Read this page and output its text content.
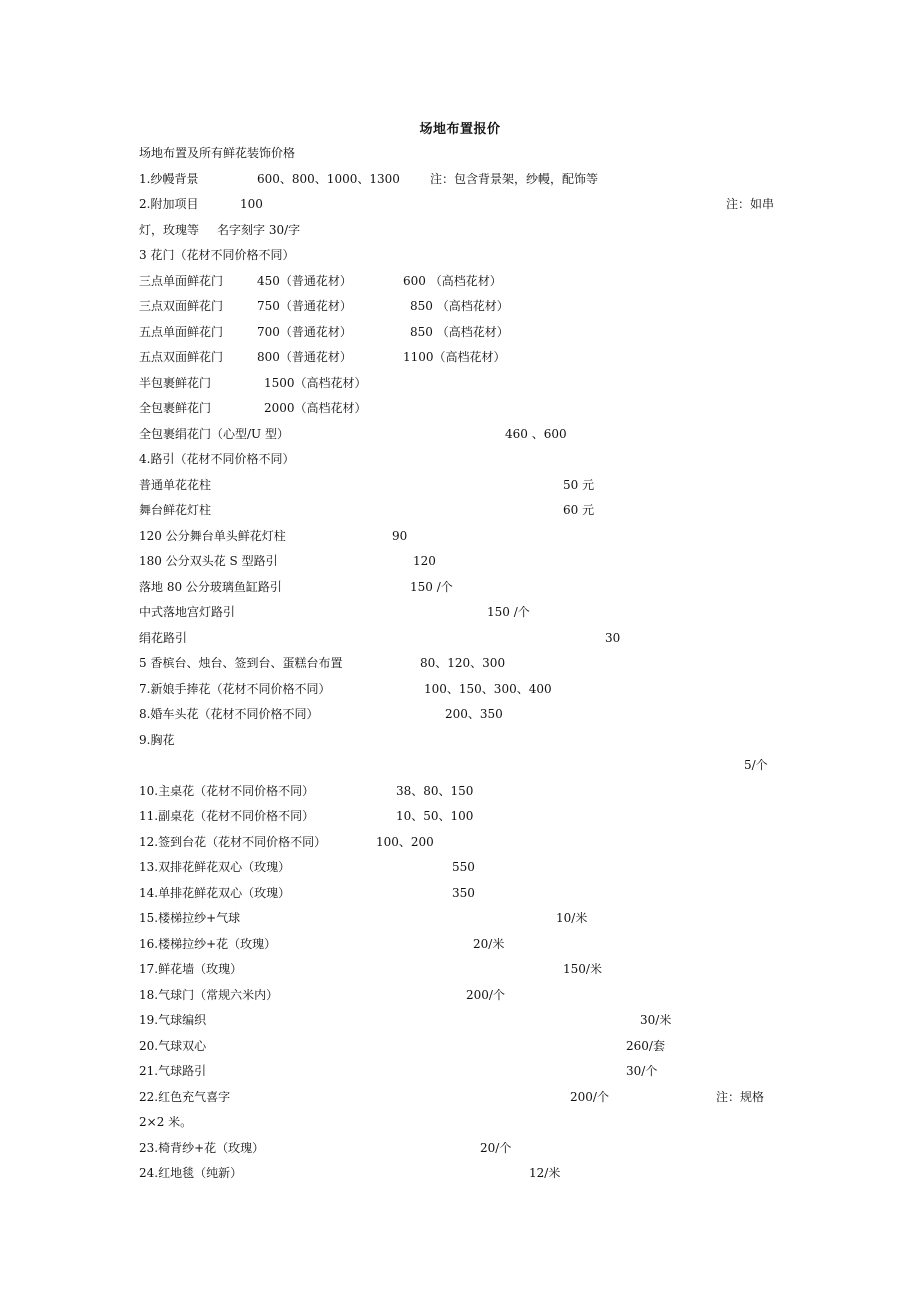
场地布置报价
场地布置及所有鲜花装饰价格
1.纱幔背景	600、800、1000、1300	注：包含背景架，纱幔，配饰等
2.附加项目	100	注：如串
灯，玫瑰等 名字刻字 30/字
3 花门（花材不同价格不同）
三点单面鲜花门	450（普通花材）	600 （高档花材）
三点双面鲜花门	750（普通花材）	850 （高档花材）
五点单面鲜花门	700（普通花材）	850 （高档花材）
五点双面鲜花门	800（普通花材）	1100（高档花材）
半包裹鲜花门	1500（高档花材）
全包裹鲜花门	2000（高档花材）
全包裹绢花门（心型/U 型）	460 、600
4.路引（花材不同价格不同）
普通单花花柱	50 元
舞台鲜花灯柱	60 元
120 公分舞台单头鲜花灯柱	90
180 公分双头花 S 型路引	120
落地 80 公分玻璃鱼缸路引	150 /个
中式落地宫灯路引	150 /个
绢花路引	30
5 香槟台、烛台、签到台、蛋糕台布置	80、120、300
7.新娘手捧花（花材不同价格不同）	100、150、300、400
8.婚车头花（花材不同价格不同）	200、350
9.胸花
5/个
10.主桌花（花材不同价格不同）	38、80、150
11.副桌花（花材不同价格不同）	10、50、100
12.签到台花（花材不同价格不同）	100、200
13.双排花鲜花双心（玫瑰）	550
14.单排花鲜花双心（玫瑰）	350
15.楼梯拉纱+气球	10/米
16.楼梯拉纱+花（玫瑰）	20/米
17.鲜花墙（玫瑰）	150/米
18.气球门（常规六米内）	200/个
19.气球编织	30/米
20.气球双心	260/套
21.气球路引	30/个
22.红色充气喜字	200/个	注：规格
2×2 米。
23.椅背纱+花（玫瑰）	20/个
24.红地毯（纯新）	12/米
